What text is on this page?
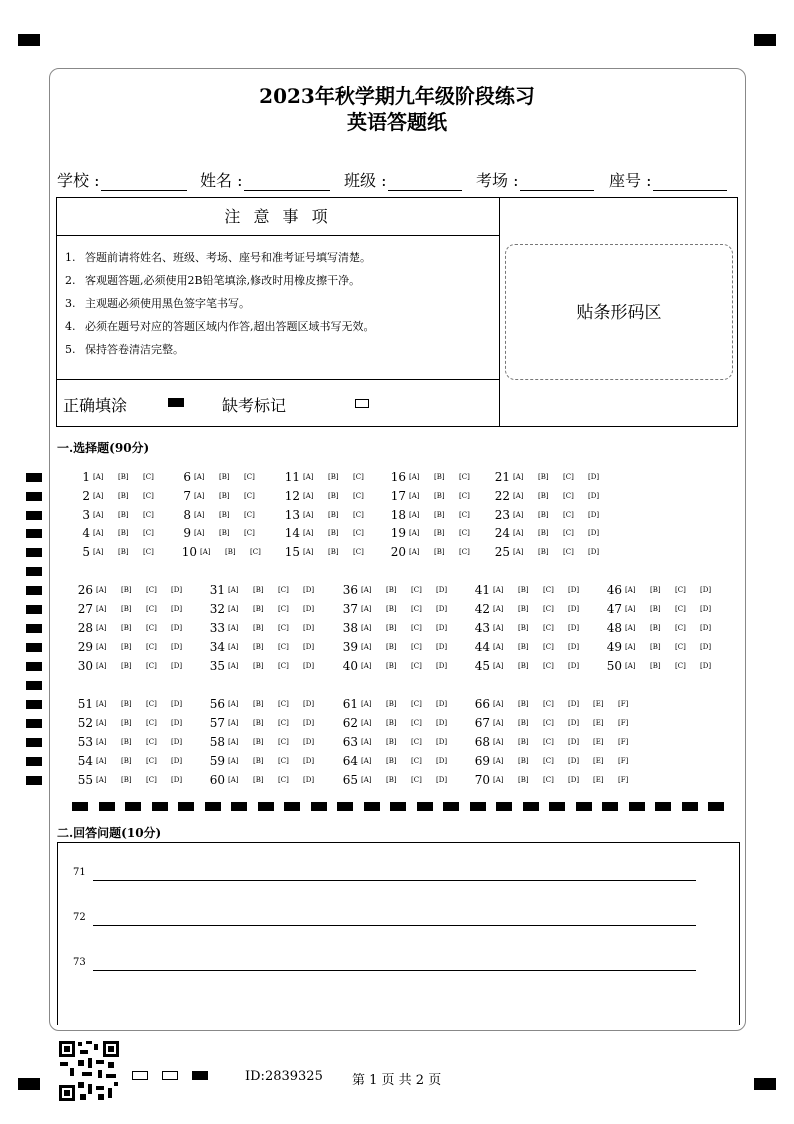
2023年秋学期九年级阶段练习
英语答题纸
学校 :	姓名 :	班级 :	考场 :	座号 :
注 意 事 项
1. 答题前请将姓名、班级、考场、座号和准考证号填写清楚。
2. 客观题答题,必须使用2B铅笔填涂,修改时用橡皮擦干净。
3. 主观题必须使用黑色签字笔书写。
4. 必须在题号对应的答题区域内作答,超出答题区域书写无效。
5. 保持答卷清洁完整。
正确填涂	缺考标记
贴条形码区
一.选择题(90分)
1 [A]	[B]	[C]
2 [A]	[B]	[C]
3 [A]	[B]	[C]
4 [A]	[B]	[C]
5 [A]	[B]	[C]
6 [A]	[B]	[C]
7 [A]	[B]	[C]
8 [A]	[B]	[C]
9 [A]	[B]	[C]
10 [A]	[B]	[C]
11 [A]	[B]	[C]
12 [A]	[B]	[C]
13 [A]	[B]	[C]
14 [A]	[B]	[C]
15 [A]	[B]	[C]
16 [A]	[B]	[C]
17 [A]	[B]	[C]
18 [A]	[B]	[C]
19 [A]	[B]	[C]
20 [A]	[B]	[C]
21 [A]	[B]	[C]	[D]
22 [A]	[B]	[C]	[D]
23 [A]	[B]	[C]	[D]
24 [A]	[B]	[C]	[D]
25 [A]	[B]	[C]	[D]
26 [A]	[B]	[C]	[D]
27 [A]	[B]	[C]	[D]
28 [A]	[B]	[C]	[D]
29 [A]	[B]	[C]	[D]
30 [A]	[B]	[C]	[D]
31 [A]	[B]	[C]	[D]
32 [A]	[B]	[C]	[D]
33 [A]	[B]	[C]	[D]
34 [A]	[B]	[C]	[D]
35 [A]	[B]	[C]	[D]
36 [A]	[B]	[C]	[D]
37 [A]	[B]	[C]	[D]
38 [A]	[B]	[C]	[D]
39 [A]	[B]	[C]	[D]
40 [A]	[B]	[C]	[D]
41 [A]	[B]	[C]	[D]
42 [A]	[B]	[C]	[D]
43 [A]	[B]	[C]	[D]
44 [A]	[B]	[C]	[D]
45 [A]	[B]	[C]	[D]
46 [A]	[B]	[C]	[D]
47 [A]	[B]	[C]	[D]
48 [A]	[B]	[C]	[D]
49 [A]	[B]	[C]	[D]
50 [A]	[B]	[C]	[D]
51 [A]	[B]	[C]	[D]
52 [A]	[B]	[C]	[D]
53 [A]	[B]	[C]	[D]
54 [A]	[B]	[C]	[D]
55 [A]	[B]	[C]	[D]
56 [A]	[B]	[C]	[D]
57 [A]	[B]	[C]	[D]
58 [A]	[B]	[C]	[D]
59 [A]	[B]	[C]	[D]
60 [A]	[B]	[C]	[D]
61 [A]	[B]	[C]	[D]
62 [A]	[B]	[C]	[D]
63 [A]	[B]	[C]	[D]
64 [A]	[B]	[C]	[D]
65 [A]	[B]	[C]	[D]
66 [A]	[B]	[C]	[D]	[E]	[F]
67 [A]	[B]	[C]	[D]	[E]	[F]
68 [A]	[B]	[C]	[D]	[E]	[F]
69 [A]	[B]	[C]	[D]	[E]	[F]
70 [A]	[B]	[C]	[D]	[E]	[F]
二.回答问题(10分)
71
72
73
ID:2839325 第 1 页 共 2 页
